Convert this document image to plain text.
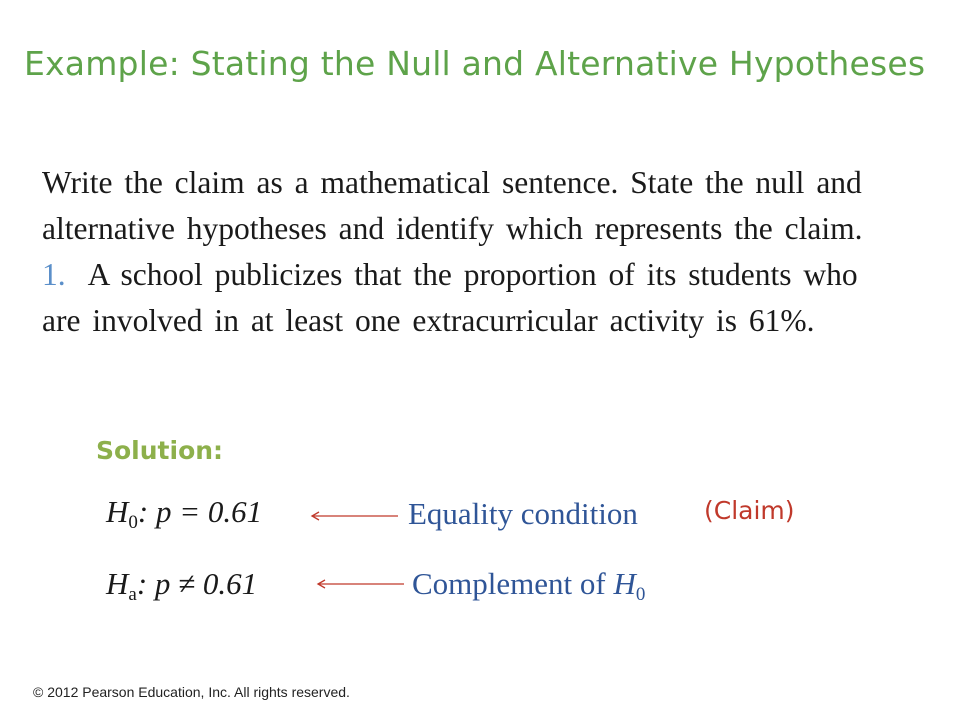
Example: Stating the Null and Alternative Hypotheses

Write the claim as a mathematical sentence. State the null and alternative hypotheses and identify which represents the claim.

1. A school publicizes that the proportion of its students who are involved in at least one extracurricular activity is 61%.

Solution:
$H_0$: p = 0.61	Equality condition	(Claim)
$H_a$: p ≠ 0.61	Complement of $H_0$
© 2012 Pearson Education, Inc. All rights reserved.
